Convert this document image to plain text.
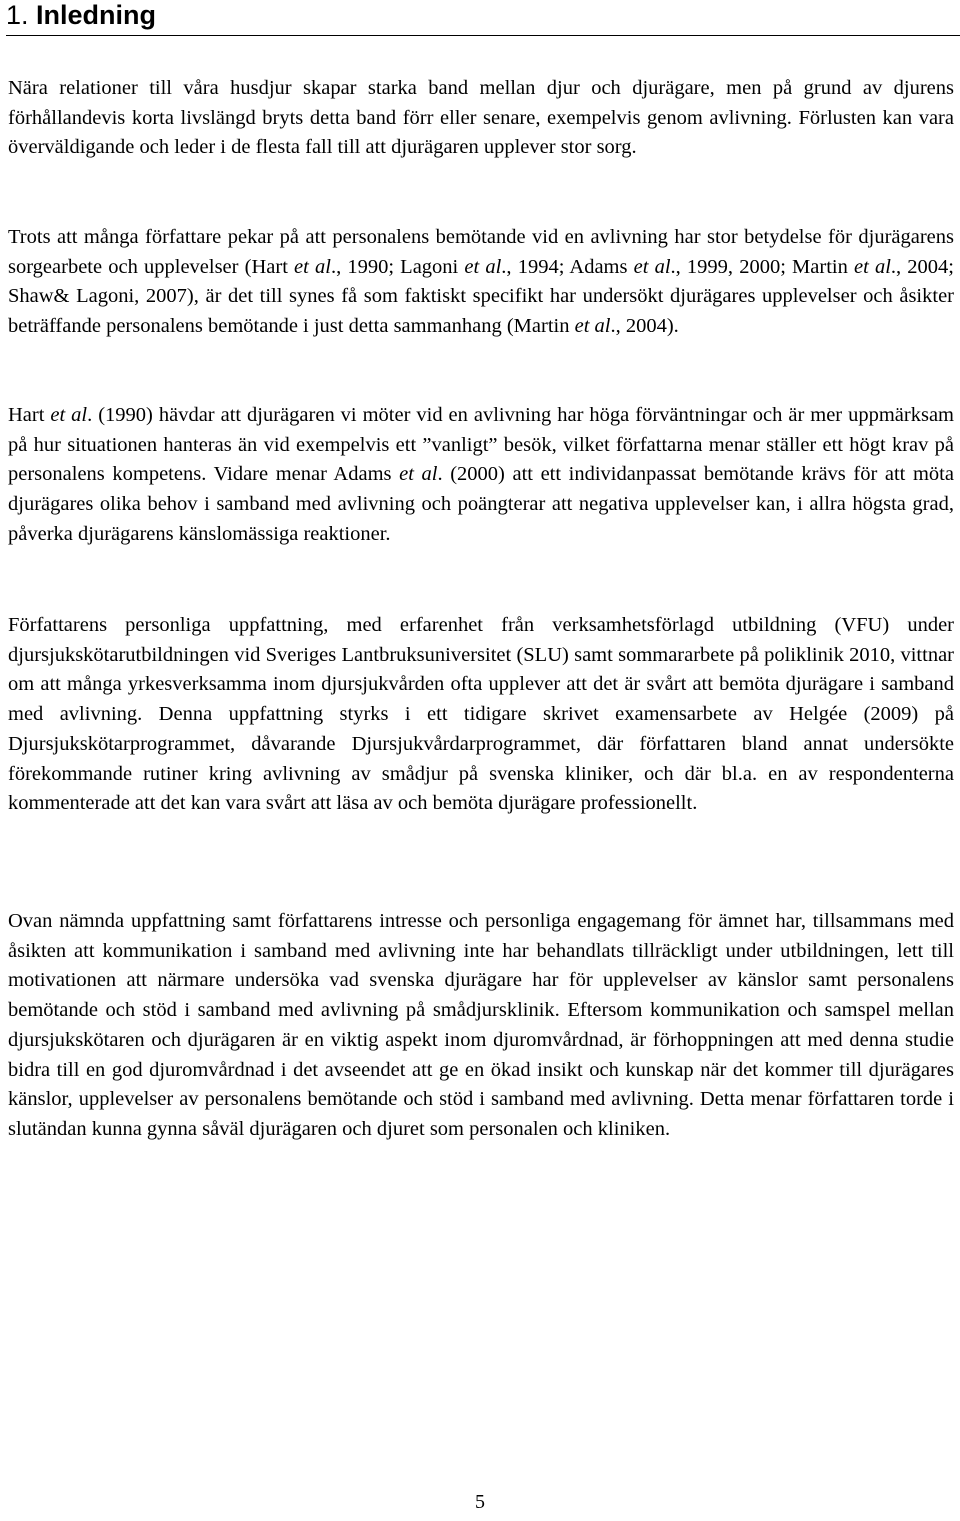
1. Inledning

Nära relationer till våra husdjur skapar starka band mellan djur och djurägare, men på grund av djurens förhållandevis korta livslängd bryts detta band förr eller senare, exempelvis genom avlivning. Förlusten kan vara överväldigande och leder i de flesta fall till att djurägaren upplever stor sorg.

Trots att många författare pekar på att personalens bemötande vid en avlivning har stor betydelse för djurägarens sorgearbete och upplevelser (Hart et al., 1990; Lagoni et al., 1994; Adams et al., 1999, 2000; Martin et al., 2004; Shaw& Lagoni, 2007), är det till synes få som faktiskt specifikt har undersökt djurägares upplevelser och åsikter beträffande personalens bemötande i just detta sammanhang (Martin et al., 2004).

Hart et al. (1990) hävdar att djurägaren vi möter vid en avlivning har höga förväntningar och är mer uppmärksam på hur situationen hanteras än vid exempelvis ett ”vanligt” besök, vilket författarna menar ställer ett högt krav på personalens kompetens. Vidare menar Adams et al. (2000) att ett individanpassat bemötande krävs för att möta djurägares olika behov i samband med avlivning och poängterar att negativa upplevelser kan, i allra högsta grad, påverka djurägarens känslomässiga reaktioner.

Författarens personliga uppfattning, med erfarenhet från verksamhetsförlagd utbildning (VFU) under djursjukskötarutbildningen vid Sveriges Lantbruksuniversitet (SLU) samt sommararbete på poliklinik 2010, vittnar om att många yrkesverksamma inom djursjukvården ofta upplever att det är svårt att bemöta djurägare i samband med avlivning. Denna uppfattning styrks i ett tidigare skrivet examensarbete av Helgée (2009) på Djursjukskötarprogrammet, dåvarande Djursjukvårdarprogrammet, där författaren bland annat undersökte förekommande rutiner kring avlivning av smådjur på svenska kliniker, och där bl.a. en av respondenterna kommenterade att det kan vara svårt att läsa av och bemöta djurägare professionellt.

Ovan nämnda uppfattning samt författarens intresse och personliga engagemang för ämnet har, tillsammans med åsikten att kommunikation i samband med avlivning inte har behandlats tillräckligt under utbildningen, lett till motivationen att närmare undersöka vad svenska djurägare har för upplevelser av känslor samt personalens bemötande och stöd i samband med avlivning på smådjursklinik. Eftersom kommunikation och samspel mellan djursjukskötaren och djurägaren är en viktig aspekt inom djuromvårdnad, är förhoppningen att med denna studie bidra till en god djuromvårdnad i det avseendet att ge en ökad insikt och kunskap när det kommer till djurägares känslor, upplevelser av personalens bemötande och stöd i samband med avlivning. Detta menar författaren torde i slutändan kunna gynna såväl djurägaren och djuret som personalen och kliniken.

5
